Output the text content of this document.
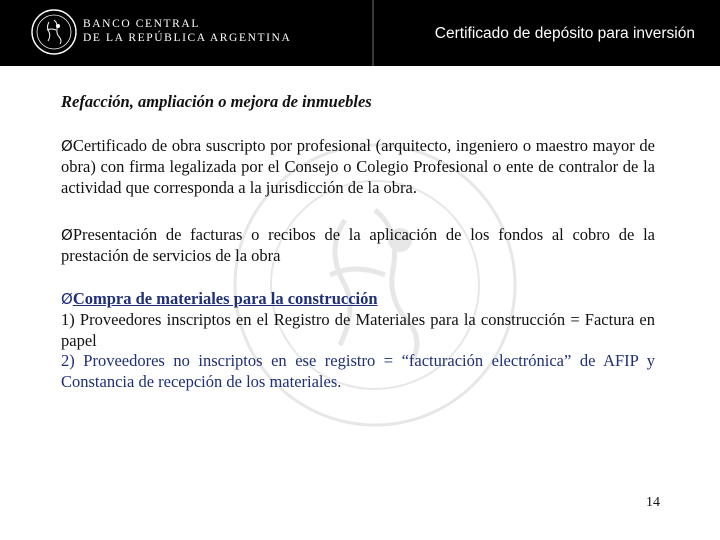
BANCO CENTRAL
DE LA REPÚBLICA ARGENTINA	Certificado de depósito para inversión

Refacción, ampliación o mejora de inmuebles

ØCertificado de obra suscripto por profesional (arquitecto, ingeniero o maestro mayor de obra) con firma legalizada por el Consejo o Colegio Profesional o ente de contralor de la actividad que corresponda a la jurisdicción de la obra.

ØPresentación de facturas o recibos de la aplicación de los fondos al cobro de la prestación de servicios de la obra

ØCompra de materiales para la construcción

1) Proveedores inscriptos en el Registro de Materiales para la construcción = Factura en papel

2) Proveedores no inscriptos en ese registro = “facturación electrónica” de AFIP y Constancia de recepción de los materiales.

14
